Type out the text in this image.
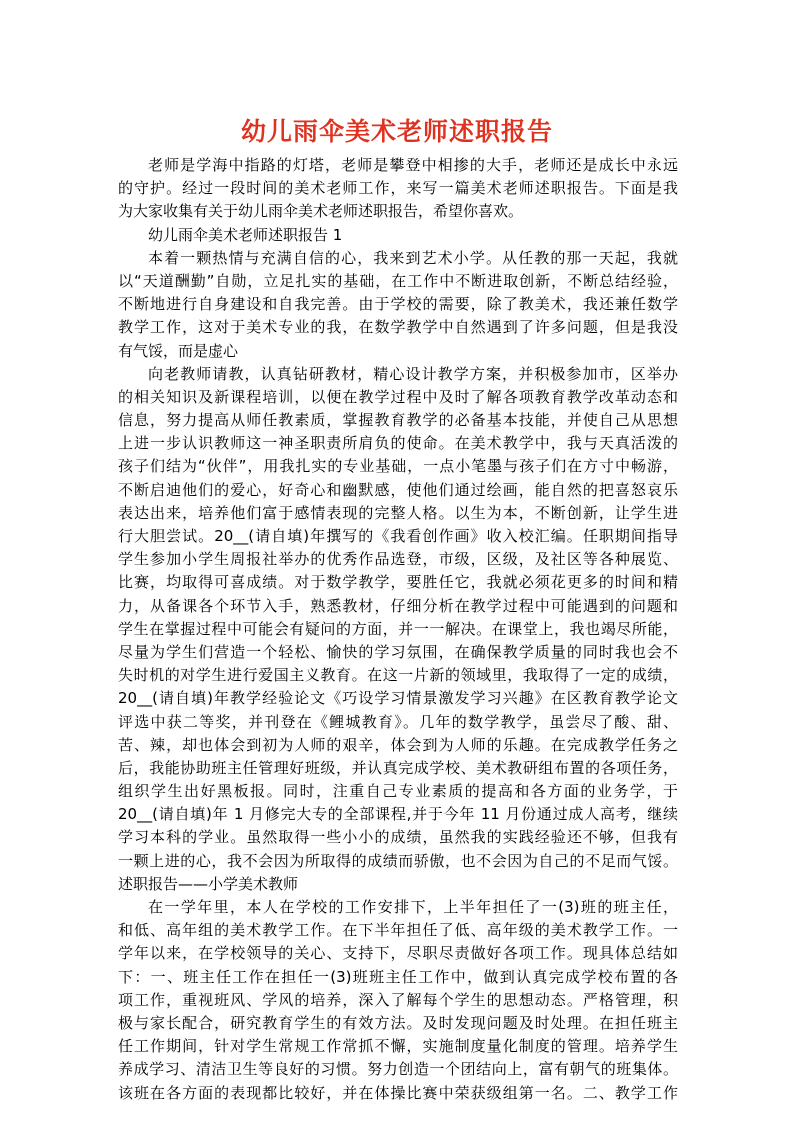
幼儿雨伞美术老师述职报告
老师是学海中指路的灯塔，老师是攀登中相掺的大手，老师还是成长中永远
的守护。经过一段时间的美术老师工作，来写一篇美术老师述职报告。下面是我
为大家收集有关于幼儿雨伞美术老师述职报告，希望你喜欢。
幼儿雨伞美术老师述职报告 1
本着一颗热情与充满自信的心，我来到艺术小学。从任教的那一天起，我就
以“天道酬勤”自勋，立足扎实的基础，在工作中不断进取创新，不断总结经验，
不断地进行自身建设和自我完善。由于学校的需要，除了教美术，我还兼任数学
教学工作，这对于美术专业的我，在数学教学中自然遇到了许多问题，但是我没
有气馁，而是虚心
向老教师请教，认真钻研教材，精心设计教学方案，并积极参加市，区举办
的相关知识及新课程培训，以便在教学过程中及时了解各项教育教学改革动态和
信息，努力提高从师任教素质，掌握教育教学的必备基本技能，并使自己从思想
上进一步认识教师这一神圣职责所肩负的使命。在美术教学中，我与天真活泼的
孩子们结为“伙伴”，用我扎实的专业基础，一点小笔墨与孩子们在方寸中畅游，
不断启迪他们的爱心，好奇心和幽默感，使他们通过绘画，能自然的把喜怒哀乐
表达出来，培养他们富于感情表现的完整人格。以生为本，不断创新，让学生进
行大胆尝试。20__(请自填)年撰写的《我看创作画》收入校汇编。任职期间指导
学生参加小学生周报社举办的优秀作品选登，市级，区级，及社区等各种展览、
比赛，均取得可喜成绩。对于数学教学，要胜任它，我就必须花更多的时间和精
力，从备课各个环节入手，熟悉教材，仔细分析在教学过程中可能遇到的问题和
学生在掌握过程中可能会有疑问的方面，并一一解决。在课堂上，我也竭尽所能，
尽量为学生们营造一个轻松、愉快的学习氛围，在确保教学质量的同时我也会不
失时机的对学生进行爱国主义教育。在这一片新的领域里，我取得了一定的成绩，
20__(请自填)年教学经验论文《巧设学习情景激发学习兴趣》在区教育教学论文
评选中获二等奖，并刊登在《鲤城教育》。几年的数学教学，虽尝尽了酸、甜、
苦、辣，却也体会到初为人师的艰辛，体会到为人师的乐趣。在完成教学任务之
后，我能协助班主任管理好班级，并认真完成学校、美术教研组布置的各项任务，
组织学生出好黑板报。同时，注重自己专业素质的提高和各方面的业务学，于
20__(请自填)年 1 月修完大专的全部课程,并于今年 11 月份通过成人高考，继续
学习本科的学业。虽然取得一些小小的成绩，虽然我的实践经验还不够，但我有
一颗上进的心，我不会因为所取得的成绩而骄傲，也不会因为自己的不足而气馁。
述职报告——小学美术教师
在一学年里，本人在学校的工作安排下，上半年担任了一(3)班的班主任，
和低、高年组的美术教学工作。在下半年担任了低、高年级的美术教学工作。一
学年以来，在学校领导的关心、支持下，尽职尽责做好各项工作。现具体总结如
下：一、班主任工作在担任一(3)班班主任工作中，做到认真完成学校布置的各
项工作，重视班风、学风的培养，深入了解每个学生的思想动态。严格管理，积
极与家长配合，研究教育学生的有效方法。及时发现问题及时处理。在担任班主
任工作期间，针对学生常规工作常抓不懈，实施制度量化制度的管理。培养学生
养成学习、清洁卫生等良好的习惯。努力创造一个团结向上，富有朝气的班集体。
该班在各方面的表现都比较好，并在体操比赛中荣获级组第一名。二、教学工作
